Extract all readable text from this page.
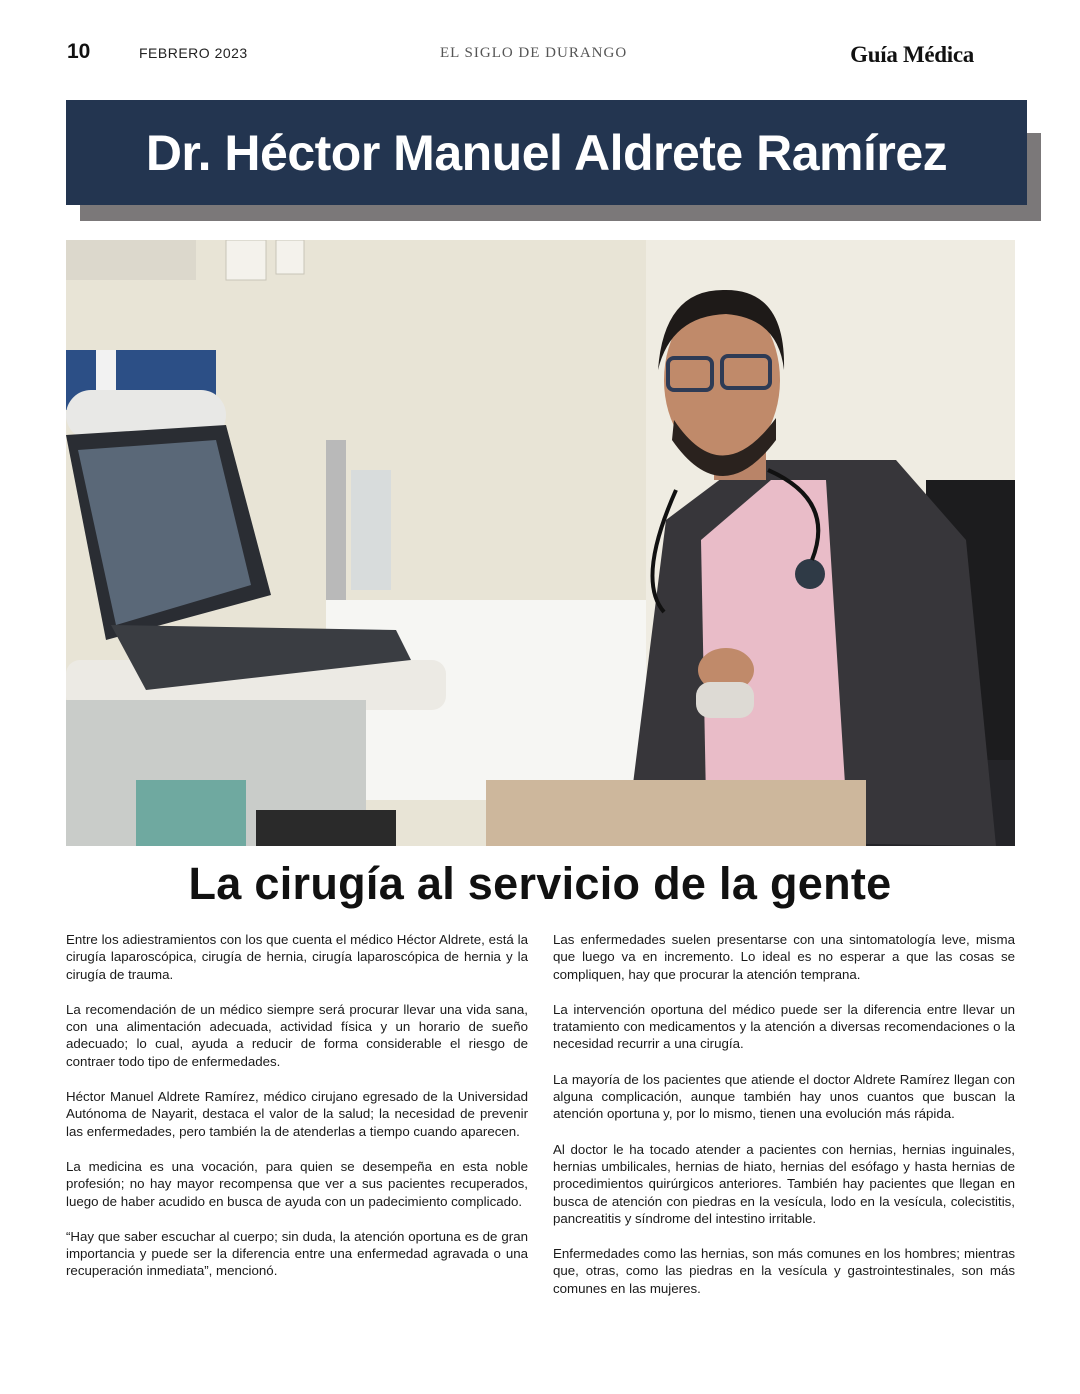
10	FEBRERO 2023	EL SIGLO DE DURANGO	Guía Médica
Dr. Héctor Manuel Aldrete Ramírez
La cirugía al servicio de la gente

Entre los adiestramientos con los que cuenta el médico Héctor Aldrete, está la cirugía laparoscópica, cirugía de hernia, cirugía laparoscópica de hernia y la cirugía de trauma.

La recomendación de un médico siempre será procurar llevar una vida sana, con una alimentación adecuada, actividad física y un horario de sueño adecuado; lo cual, ayuda a reducir de forma considerable el riesgo de contraer todo tipo de enfermedades.

Héctor Manuel Aldrete Ramírez, médico cirujano egresado de la Universidad Autónoma de Nayarit, destaca el valor de la salud; la necesidad de prevenir las enfermedades, pero también la de atenderlas a tiempo cuando aparecen.

La medicina es una vocación, para quien se desempeña en esta noble profesión; no hay mayor recompensa que ver a sus pacientes recuperados, luego de haber acudido en busca de ayuda con un padecimiento complicado.

“Hay que saber escuchar al cuerpo; sin duda, la atención oportuna es de gran importancia y puede ser la diferencia entre una enfermedad agravada o una recuperación inmediata”, mencionó.

Las enfermedades suelen presentarse con una sintomatología leve, misma que luego va en incremento. Lo ideal es no esperar a que las cosas se compliquen, hay que procurar la atención temprana.

La intervención oportuna del médico puede ser la diferencia entre llevar un tratamiento con medicamentos y la atención a diversas recomendaciones o la necesidad recurrir a una cirugía.

La mayoría de los pacientes que atiende el doctor Aldrete Ramírez llegan con alguna complicación, aunque también hay unos cuantos que buscan la atención oportuna y, por lo mismo, tienen una evolución más rápida.

Al doctor le ha tocado atender a pacientes con hernias, hernias inguinales, hernias umbilicales, hernias de hiato, hernias del esófago y hasta hernias de procedimientos quirúrgicos anteriores. También hay pacientes que llegan en busca de atención con piedras en la vesícula, lodo en la vesícula, colecistitis, pancreatitis y síndrome del intestino irritable.

Enfermedades como las hernias, son más comunes en los hombres; mientras que, otras, como las piedras en la vesícula y gastrointestinales, son más comunes en las mujeres.
